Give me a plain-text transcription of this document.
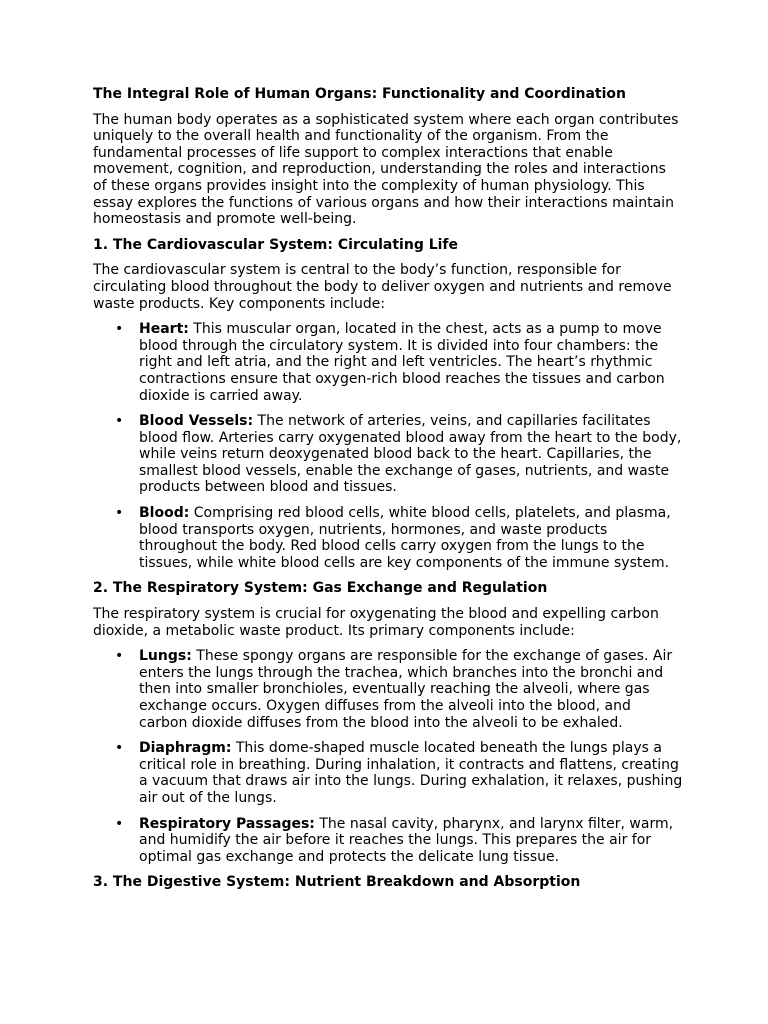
The Integral Role of Human Organs: Functionality and Coordination

The human body operates as a sophisticated system where each organ contributes uniquely to the overall health and functionality of the organism. From the fundamental processes of life support to complex interactions that enable movement, cognition, and reproduction, understanding the roles and interactions of these organs provides insight into the complexity of human physiology. This essay explores the functions of various organs and how their interactions maintain homeostasis and promote well-being.

1. The Cardiovascular System: Circulating Life

The cardiovascular system is central to the body’s function, responsible for circulating blood throughout the body to deliver oxygen and nutrients and remove waste products. Key components include:

• Heart: This muscular organ, located in the chest, acts as a pump to move blood through the circulatory system. It is divided into four chambers: the right and left atria, and the right and left ventricles. The heart’s rhythmic contractions ensure that oxygen-rich blood reaches the tissues and carbon dioxide is carried away.
• Blood Vessels: The network of arteries, veins, and capillaries facilitates blood flow. Arteries carry oxygenated blood away from the heart to the body, while veins return deoxygenated blood back to the heart. Capillaries, the smallest blood vessels, enable the exchange of gases, nutrients, and waste products between blood and tissues.
• Blood: Comprising red blood cells, white blood cells, platelets, and plasma, blood transports oxygen, nutrients, hormones, and waste products throughout the body. Red blood cells carry oxygen from the lungs to the tissues, while white blood cells are key components of the immune system.
2. The Respiratory System: Gas Exchange and Regulation

The respiratory system is crucial for oxygenating the blood and expelling carbon dioxide, a metabolic waste product. Its primary components include:

• Lungs: These spongy organs are responsible for the exchange of gases. Air enters the lungs through the trachea, which branches into the bronchi and then into smaller bronchioles, eventually reaching the alveoli, where gas exchange occurs. Oxygen diffuses from the alveoli into the blood, and carbon dioxide diffuses from the blood into the alveoli to be exhaled.
• Diaphragm: This dome-shaped muscle located beneath the lungs plays a critical role in breathing. During inhalation, it contracts and flattens, creating a vacuum that draws air into the lungs. During exhalation, it relaxes, pushing air out of the lungs.
• Respiratory Passages: The nasal cavity, pharynx, and larynx filter, warm, and humidify the air before it reaches the lungs. This prepares the air for optimal gas exchange and protects the delicate lung tissue.
3. The Digestive System: Nutrient Breakdown and Absorption
